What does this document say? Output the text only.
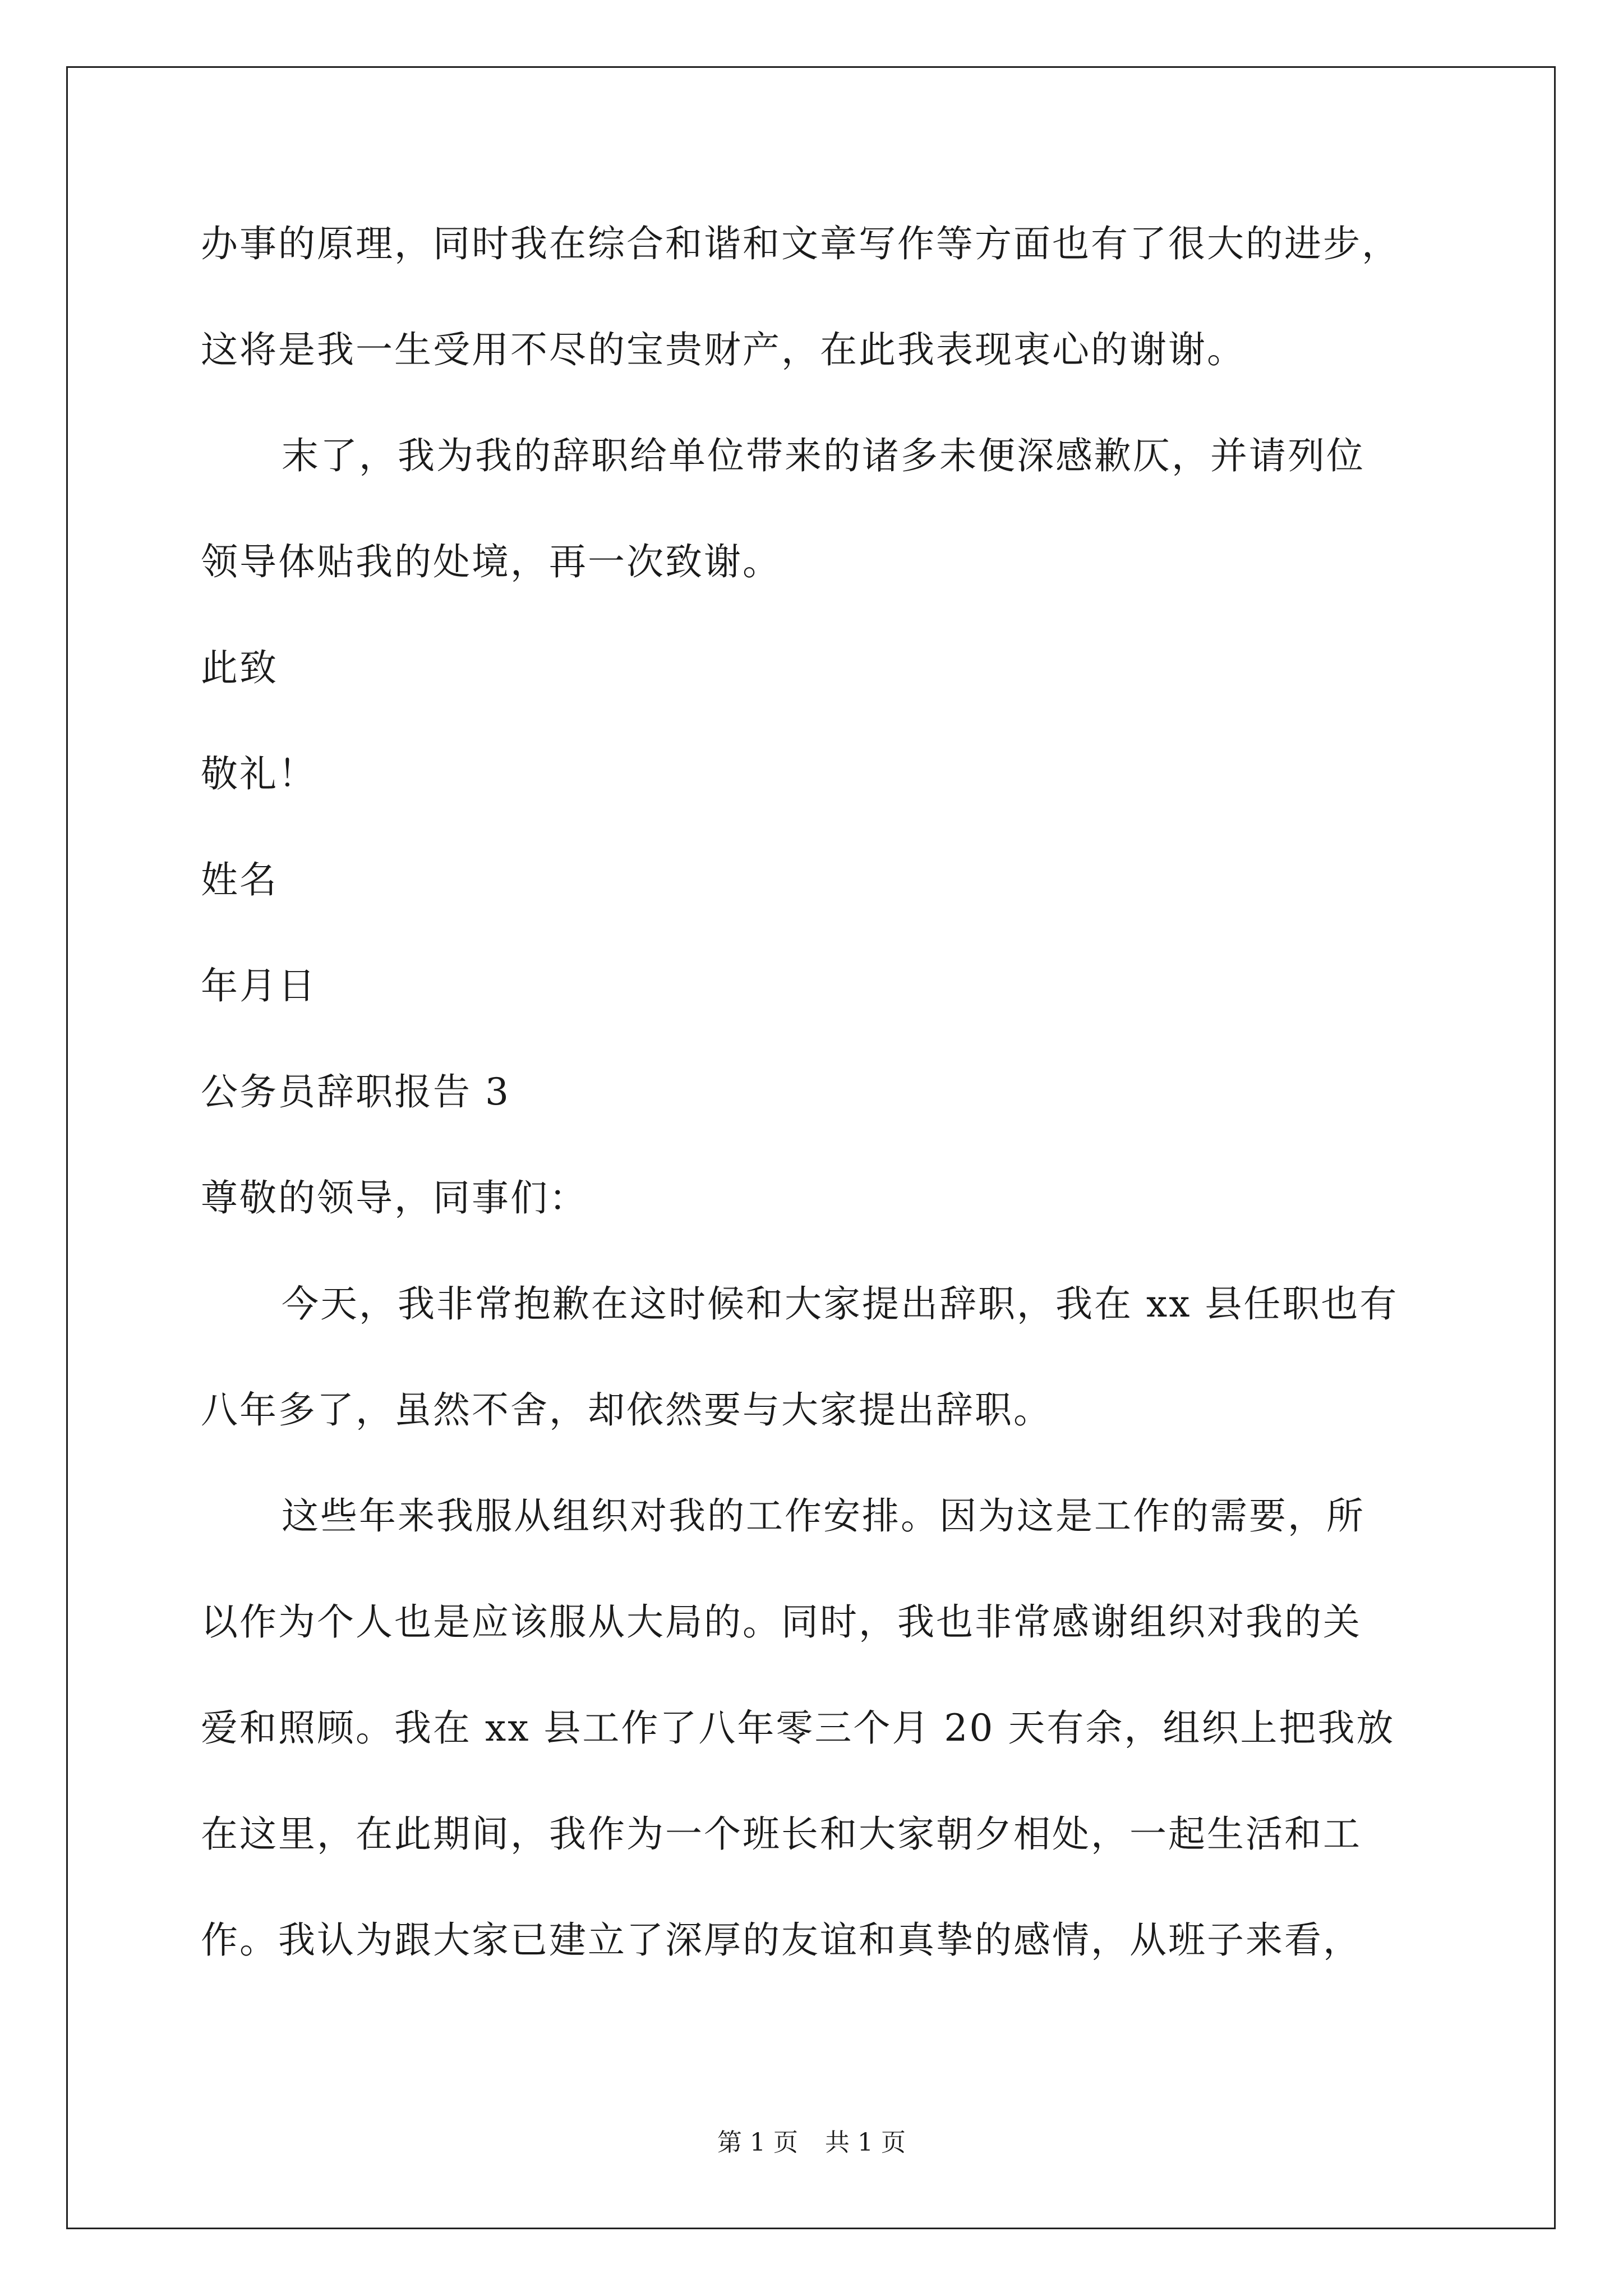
办事的原理，同时我在综合和谐和文章写作等方面也有了很大的进步，
这将是我一生受用不尽的宝贵财产，在此我表现衷心的谢谢。
末了，我为我的辞职给单位带来的诸多未便深感歉仄，并请列位
领导体贴我的处境，再一次致谢。
此致
敬礼！
姓名
年月日
公务员辞职报告 3
尊敬的领导，同事们：
今天，我非常抱歉在这时候和大家提出辞职，我在 xx 县任职也有
八年多了，虽然不舍，却依然要与大家提出辞职。
这些年来我服从组织对我的工作安排。因为这是工作的需要，所
以作为个人也是应该服从大局的。同时，我也非常感谢组织对我的关
爱和照顾。我在 xx 县工作了八年零三个月 20 天有余，组织上把我放
在这里，在此期间，我作为一个班长和大家朝夕相处，一起生活和工
作。我认为跟大家已建立了深厚的友谊和真挚的感情，从班子来看，
第 1 页 共 1 页
